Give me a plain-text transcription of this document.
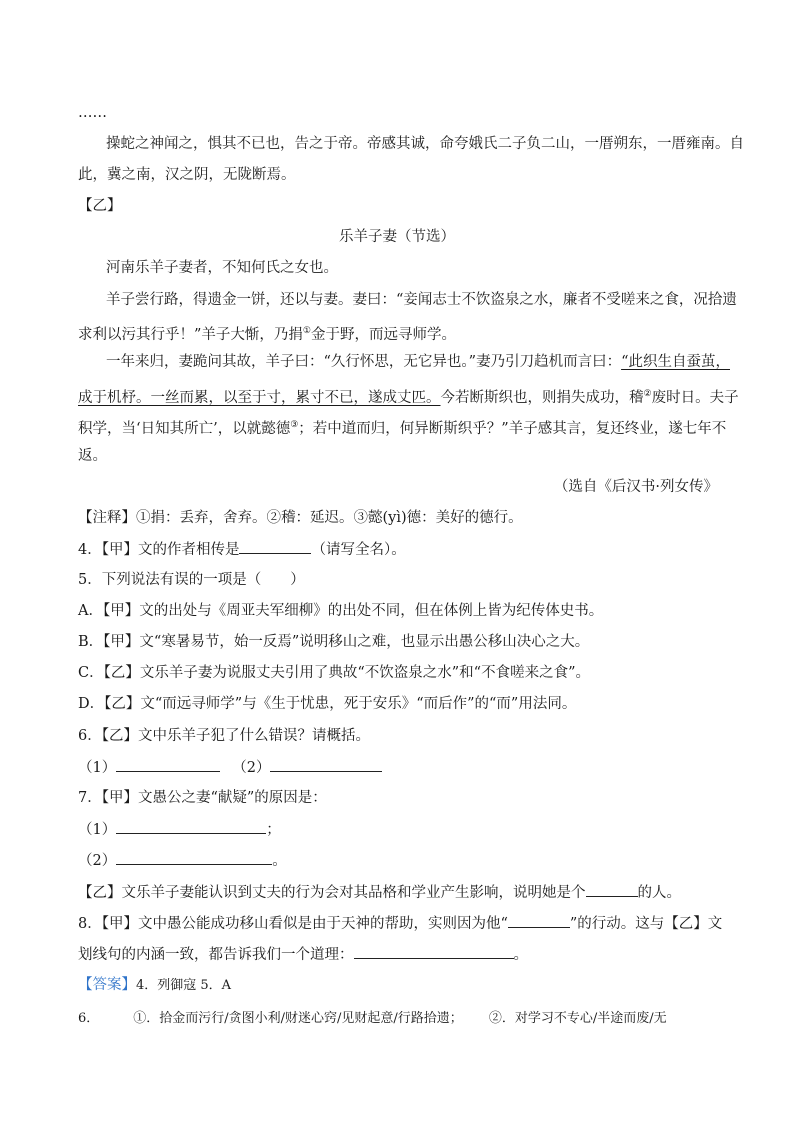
……
操蛇之神闻之，惧其不已也，告之于帝。帝感其诚，命夸娥氏二子负二山，一厝朔东，一厝雍南。自
此，冀之南，汉之阴，无陇断焉。
【乙】
乐羊子妻（节选）
河南乐羊子妻者，不知何氏之女也。
羊子尝行路，得遗金一饼，还以与妻。妻曰：“妾闻志士不饮盗泉之水，廉者不受嗟来之食，况拾遗
求利以污其行乎！”羊子大惭，乃捐①金于野，而远寻师学。
一年来归，妻跪问其故，羊子曰：“久行怀思，无它异也。”妻乃引刀趋机而言曰：“此织生自蚕茧，
成于机杼。一丝而累，以至于寸，累寸不已，遂成丈匹。今若断斯织也，则捐失成功，稽②废时日。夫子
积学，当‘日知其所亡’，以就懿德③；若中道而归，何异断斯织乎？”羊子感其言，复还终业，遂七年不
返。
（选自《后汉书·列女传》
【注释】①捐：丢弃，舍弃。②稽：延迟。③懿(yì)德：美好的德行。
4．【甲】文的作者相传是	（请写全名）。
5．下列说法有误的一项是（　　）
A．【甲】文的出处与《周亚夫军细柳》的出处不同，但在体例上皆为纪传体史书。
B．【甲】文“寒暑易节，始一反焉”说明移山之难，也显示出愚公移山决心之大。
C．【乙】文乐羊子妻为说服丈夫引用了典故“不饮盗泉之水”和“不食嗟来之食”。
D．【乙】文“而远寻师学”与《生于忧患，死于安乐》“而后作”的“而”用法同。
6．【乙】文中乐羊子犯了什么错误？请概括。
（1）	（2）
7．【甲】文愚公之妻“献疑”的原因是：
（1）	；
（2）	。
【乙】文乐羊子妻能认识到丈夫的行为会对其品格和学业产生影响，说明她是个	的人。
8．【甲】文中愚公能成功移山看似是由于天神的帮助，实则因为他“	”的行动。这与【乙】文
划线句的内涵一致，都告诉我们一个道理：	。
【答案】4．列御寇 5．A
6．	①．拾金而污行/贪图小利/财迷心窍/见财起意/行路拾遗； ②．对学习不专心/半途而废/无
